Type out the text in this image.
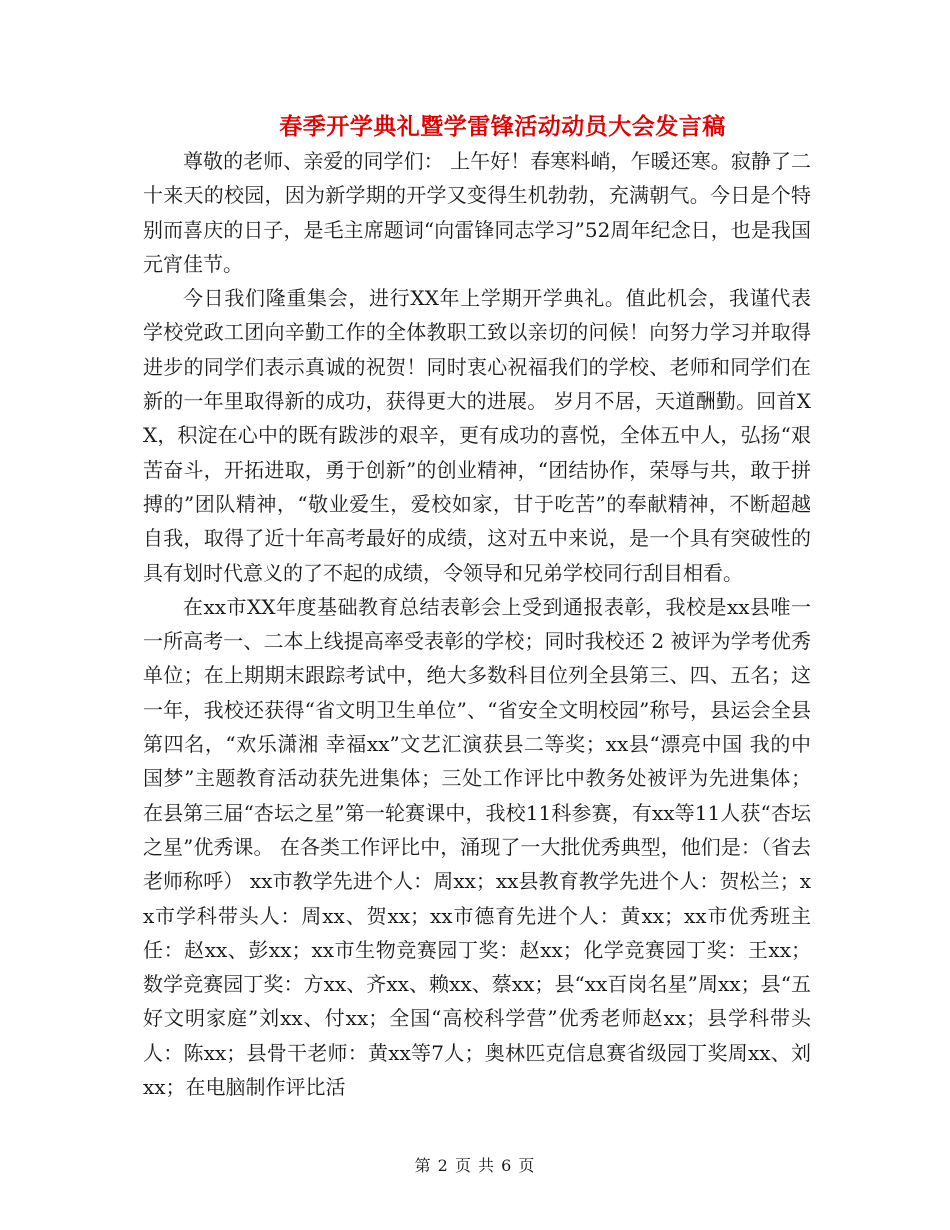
春季开学典礼暨学雷锋活动动员大会发言稿

尊敬的老师、亲爱的同学们： 上午好！春寒料峭，乍暖还寒。寂静了二十来天的校园，因为新学期的开学又变得生机勃勃，充满朝气。今日是个特别而喜庆的日子，是毛主席题词“向雷锋同志学习”52周年纪念日，也是我国元宵佳节。

今日我们隆重集会，进行XX年上学期开学典礼。值此机会，我谨代表学校党政工团向辛勤工作的全体教职工致以亲切的问候！向努力学习并取得进步的同学们表示真诚的祝贺！同时衷心祝福我们的学校、老师和同学们在新的一年里取得新的成功，获得更大的进展。 岁月不居，天道酬勤。回首XX，积淀在心中的既有跋涉的艰辛，更有成功的喜悦，全体五中人，弘扬“艰苦奋斗，开拓进取，勇于创新”的创业精神，“团结协作，荣辱与共，敢于拼搏的”团队精神，“敬业爱生，爱校如家，甘于吃苦”的奉献精神，不断超越自我，取得了近十年高考最好的成绩，这对五中来说，是一个具有突破性的具有划时代意义的了不起的成绩，令领导和兄弟学校同行刮目相看。

在xx市XX年度基础教育总结表彰会上受到通报表彰，我校是xx县唯一一所高考一、二本上线提高率受表彰的学校；同时我校还 2 被评为学考优秀单位；在上期期末跟踪考试中，绝大多数科目位列全县第三、四、五名；这一年，我校还获得“省文明卫生单位”、“省安全文明校园”称号，县运会全县第四名，“欢乐潇湘 幸福xx”文艺汇演获县二等奖；xx县“漂亮中国 我的中国梦”主题教育活动获先进集体；三处工作评比中教务处被评为先进集体；在县第三届“杏坛之星”第一轮赛课中，我校11科参赛，有xx等11人获“杏坛之星”优秀课。 在各类工作评比中，涌现了一大批优秀典型，他们是：（省去老师称呼） xx市教学先进个人：周xx；xx县教育教学先进个人：贺松兰；xx市学科带头人：周xx、贺xx；xx市德育先进个人：黄xx；xx市优秀班主任：赵xx、彭xx；xx市生物竞赛园丁奖：赵xx；化学竞赛园丁奖：王xx；数学竞赛园丁奖：方xx、齐xx、赖xx、蔡xx；县“xx百岗名星”周xx；县“五好文明家庭”刘xx、付xx；全国“高校科学营”优秀老师赵xx；县学科带头人：陈xx；县骨干老师：黄xx等7人；奥林匹克信息赛省级园丁奖周xx、刘xx；在电脑制作评比活

第 2 页 共 6 页
